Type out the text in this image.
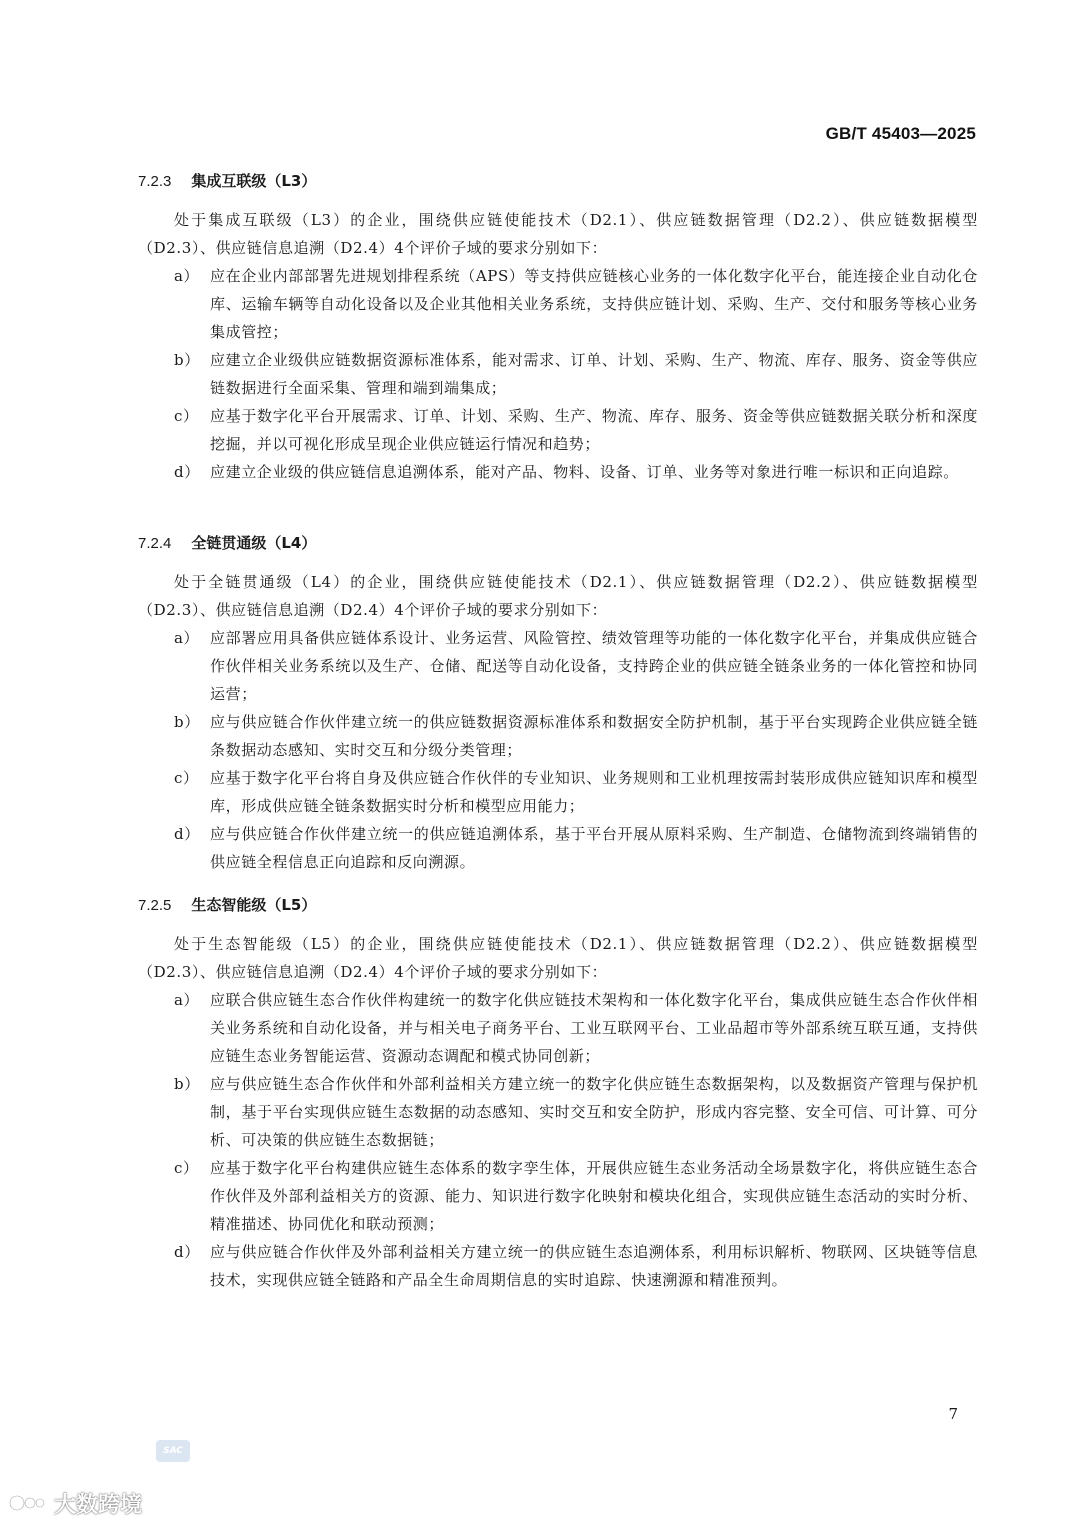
GB/T 45403—2025
7.2.3 集成互联级（L3）

处于集成互联级（L3）的企业，围绕供应链使能技术（D2.1）、供应链数据管理（D2.2）、供应链数据模型（D2.3）、供应链信息追溯（D2.4）4个评价子域的要求分别如下：

a） 应在企业内部部署先进规划排程系统（APS）等支持供应链核心业务的一体化数字化平台，能连接企业自动化仓库、运输车辆等自动化设备以及企业其他相关业务系统，支持供应链计划、采购、生产、交付和服务等核心业务集成管控；
b） 应建立企业级供应链数据资源标准体系，能对需求、订单、计划、采购、生产、物流、库存、服务、资金等供应链数据进行全面采集、管理和端到端集成；
c） 应基于数字化平台开展需求、订单、计划、采购、生产、物流、库存、服务、资金等供应链数据关联分析和深度挖掘，并以可视化形成呈现企业供应链运行情况和趋势；
d） 应建立企业级的供应链信息追溯体系，能对产品、物料、设备、订单、业务等对象进行唯一标识和正向追踪。
7.2.4 全链贯通级（L4）

处于全链贯通级（L4）的企业，围绕供应链使能技术（D2.1）、供应链数据管理（D2.2）、供应链数据模型（D2.3）、供应链信息追溯（D2.4）4个评价子域的要求分别如下：

a） 应部署应用具备供应链体系设计、业务运营、风险管控、绩效管理等功能的一体化数字化平台，并集成供应链合作伙伴相关业务系统以及生产、仓储、配送等自动化设备，支持跨企业的供应链全链条业务的一体化管控和协同运营；
b） 应与供应链合作伙伴建立统一的供应链数据资源标准体系和数据安全防护机制，基于平台实现跨企业供应链全链条数据动态感知、实时交互和分级分类管理；
c） 应基于数字化平台将自身及供应链合作伙伴的专业知识、业务规则和工业机理按需封装形成供应链知识库和模型库，形成供应链全链条数据实时分析和模型应用能力；
d） 应与供应链合作伙伴建立统一的供应链追溯体系，基于平台开展从原料采购、生产制造、仓储物流到终端销售的供应链全程信息正向追踪和反向溯源。
7.2.5 生态智能级（L5）

处于生态智能级（L5）的企业，围绕供应链使能技术（D2.1）、供应链数据管理（D2.2）、供应链数据模型（D2.3）、供应链信息追溯（D2.4）4个评价子域的要求分别如下：

a） 应联合供应链生态合作伙伴构建统一的数字化供应链技术架构和一体化数字化平台，集成供应链生态合作伙伴相关业务系统和自动化设备，并与相关电子商务平台、工业互联网平台、工业品超市等外部系统互联互通，支持供应链生态业务智能运营、资源动态调配和模式协同创新；
b） 应与供应链生态合作伙伴和外部利益相关方建立统一的数字化供应链生态数据架构，以及数据资产管理与保护机制，基于平台实现供应链生态数据的动态感知、实时交互和安全防护，形成内容完整、安全可信、可计算、可分析、可决策的供应链生态数据链；
c） 应基于数字化平台构建供应链生态体系的数字孪生体，开展供应链生态业务活动全场景数字化，将供应链生态合作伙伴及外部利益相关方的资源、能力、知识进行数字化映射和模块化组合，实现供应链生态活动的实时分析、精准描述、协同优化和联动预测；
d） 应与供应链合作伙伴及外部利益相关方建立统一的供应链生态追溯体系，利用标识解析、物联网、区块链等信息技术，实现供应链全链路和产品全生命周期信息的实时追踪、快速溯源和精准预判。
7
SAC
大数跨境
